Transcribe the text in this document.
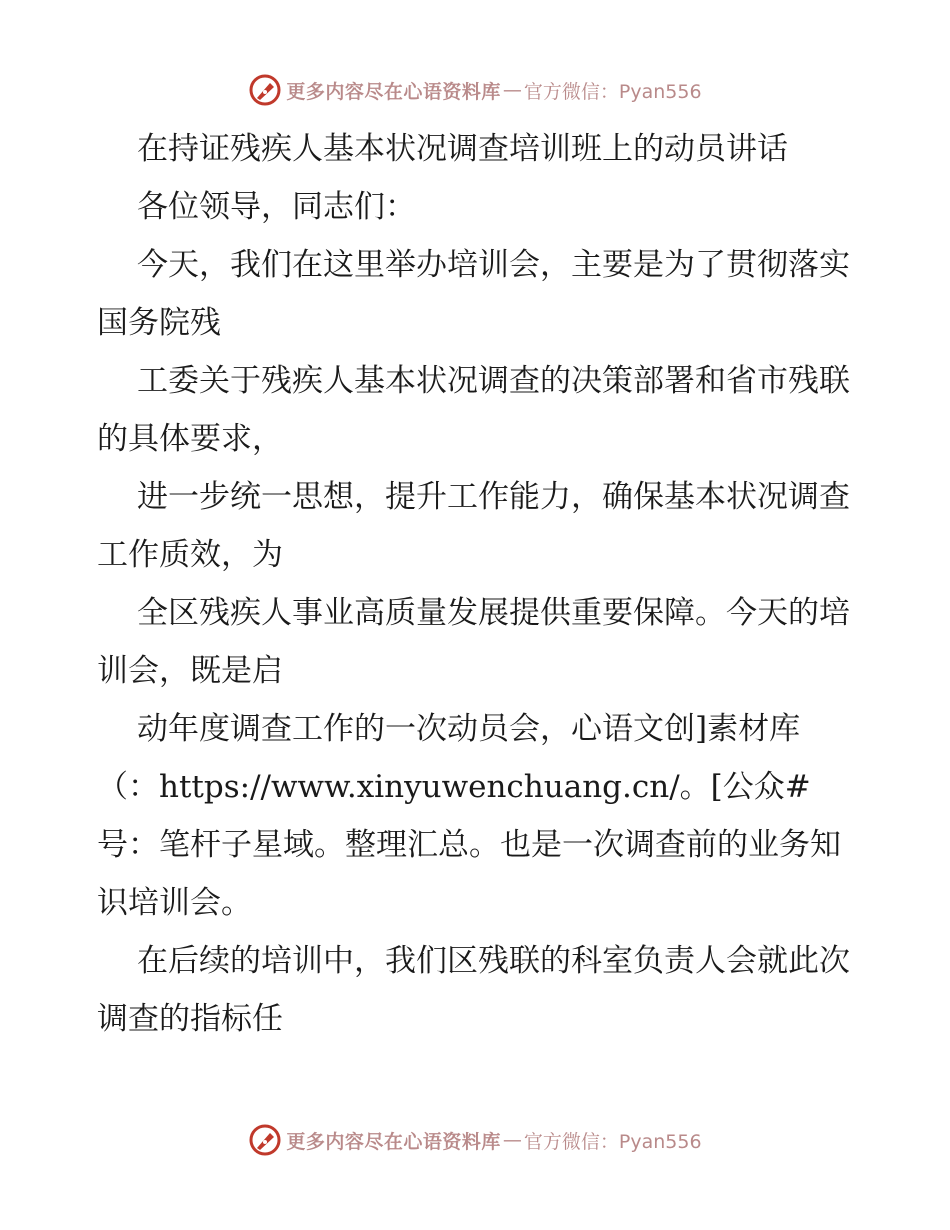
更多内容尽在心语资料库 — 官方微信：Pyan556

在持证残疾人基本状况调查培训班上的动员讲话

各位领导，同志们：

今天，我们在这里举办培训会，主要是为了贯彻落实国务院残

工委关于残疾人基本状况调查的决策部署和省市残联的具体要求，

进一步统一思想，提升工作能力，确保基本状况调查工作质效，为

全区残疾人事业高质量发展提供重要保障。今天的培训会，既是启

动年度调查工作的一次动员会，心语文创]素材库（：https://www.xinyuwenchuang.cn/。[公众#号：笔杆子星域。整理汇总。也是一次调查前的业务知识培训会。

在后续的培训中，我们区残联的科室负责人会就此次调查的指标任

更多内容尽在心语资料库 — 官方微信：Pyan556
